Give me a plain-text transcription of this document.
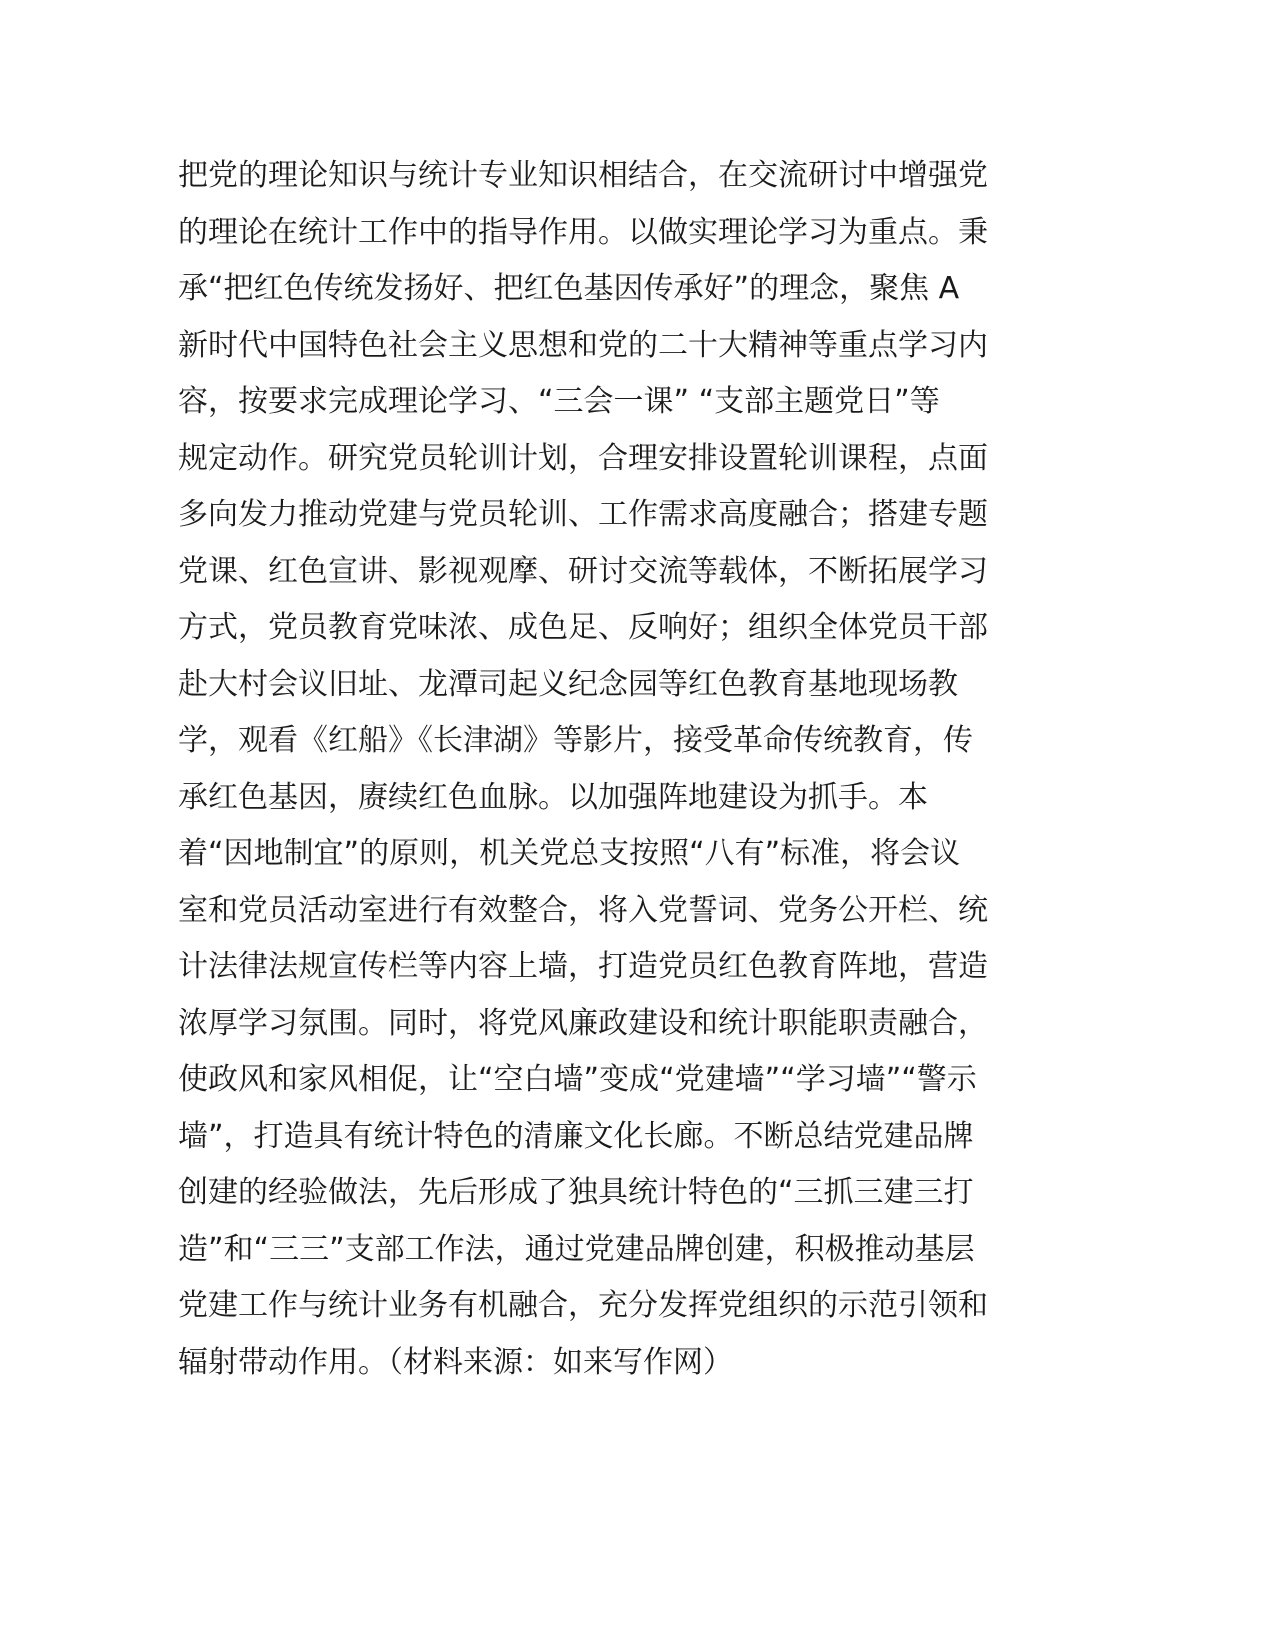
把党的理论知识与统计专业知识相结合，在交流研讨中增强党
的理论在统计工作中的指导作用。以做实理论学习为重点。秉
承“把红色传统发扬好、把红色基因传承好”的理念，聚焦 A
新时代中国特色社会主义思想和党的二十大精神等重点学习内
容，按要求完成理论学习、“三会一课” “支部主题党日”等
规定动作。研究党员轮训计划，合理安排设置轮训课程，点面
多向发力推动党建与党员轮训、工作需求高度融合；搭建专题
党课、红色宣讲、影视观摩、研讨交流等载体，不断拓展学习
方式，党员教育党味浓、成色足、反响好；组织全体党员干部
赴大村会议旧址、龙潭司起义纪念园等红色教育基地现场教
学，观看《红船》《长津湖》等影片，接受革命传统教育，传
承红色基因，赓续红色血脉。以加强阵地建设为抓手。本
着“因地制宜”的原则，机关党总支按照“八有”标准，将会议
室和党员活动室进行有效整合，将入党誓词、党务公开栏、统
计法律法规宣传栏等内容上墙，打造党员红色教育阵地，营造
浓厚学习氛围。同时，将党风廉政建设和统计职能职责融合，
使政风和家风相促，让“空白墙”变成“党建墙”“学习墙”“警示
墙”，打造具有统计特色的清廉文化长廊。不断总结党建品牌
创建的经验做法，先后形成了独具统计特色的“三抓三建三打
造”和“三三”支部工作法，通过党建品牌创建，积极推动基层
党建工作与统计业务有机融合，充分发挥党组织的示范引领和
辐射带动作用。（材料来源：如来写作网）
